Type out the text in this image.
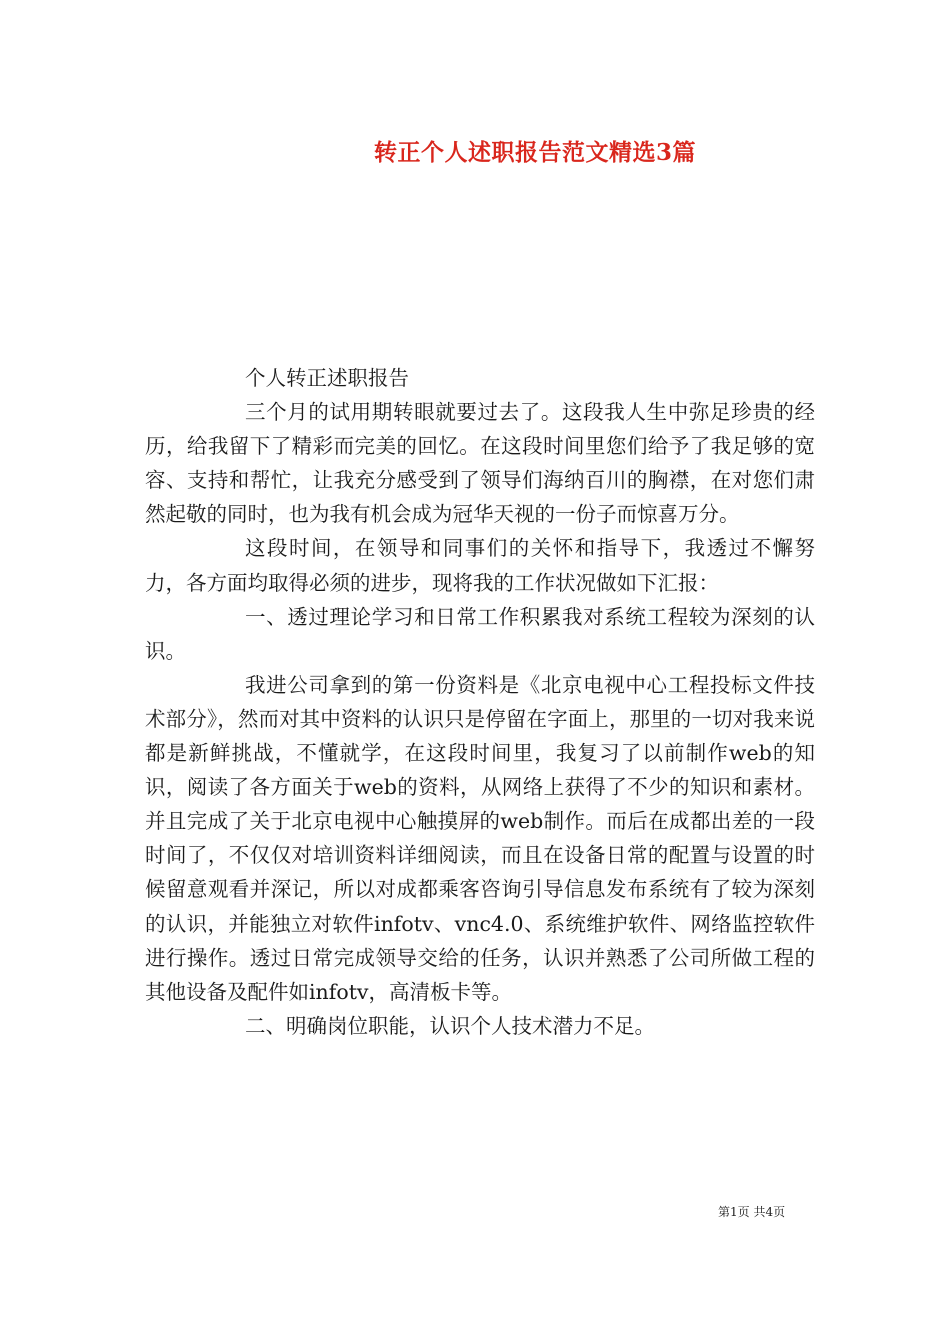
转正个人述职报告范文精选3篇

个人转正述职报告

三个月的试用期转眼就要过去了。这段我人生中弥足珍贵的经历，给我留下了精彩而完美的回忆。在这段时间里您们给予了我足够的宽容、支持和帮忙，让我充分感受到了领导们海纳百川的胸襟，在对您们肃然起敬的同时，也为我有机会成为冠华天视的一份子而惊喜万分。

这段时间，在领导和同事们的关怀和指导下，我透过不懈努力，各方面均取得必须的进步，现将我的工作状况做如下汇报：

一、透过理论学习和日常工作积累我对系统工程较为深刻的认识。

我进公司拿到的第一份资料是《北京电视中心工程投标文件技术部分》，然而对其中资料的认识只是停留在字面上，那里的一切对我来说都是新鲜挑战，不懂就学，在这段时间里，我复习了以前制作web的知识，阅读了各方面关于web的资料，从网络上获得了不少的知识和素材。并且完成了关于北京电视中心触摸屏的web制作。而后在成都出差的一段时间了，不仅仅对培训资料详细阅读，而且在设备日常的配置与设置的时候留意观看并深记，所以对成都乘客咨询引导信息发布系统有了较为深刻的认识，并能独立对软件infotv、vnc4.0、系统维护软件、网络监控软件进行操作。透过日常完成领导交给的任务，认识并熟悉了公司所做工程的其他设备及配件如infotv，高清板卡等。

二、明确岗位职能，认识个人技术潜力不足。

第1页 共4页
